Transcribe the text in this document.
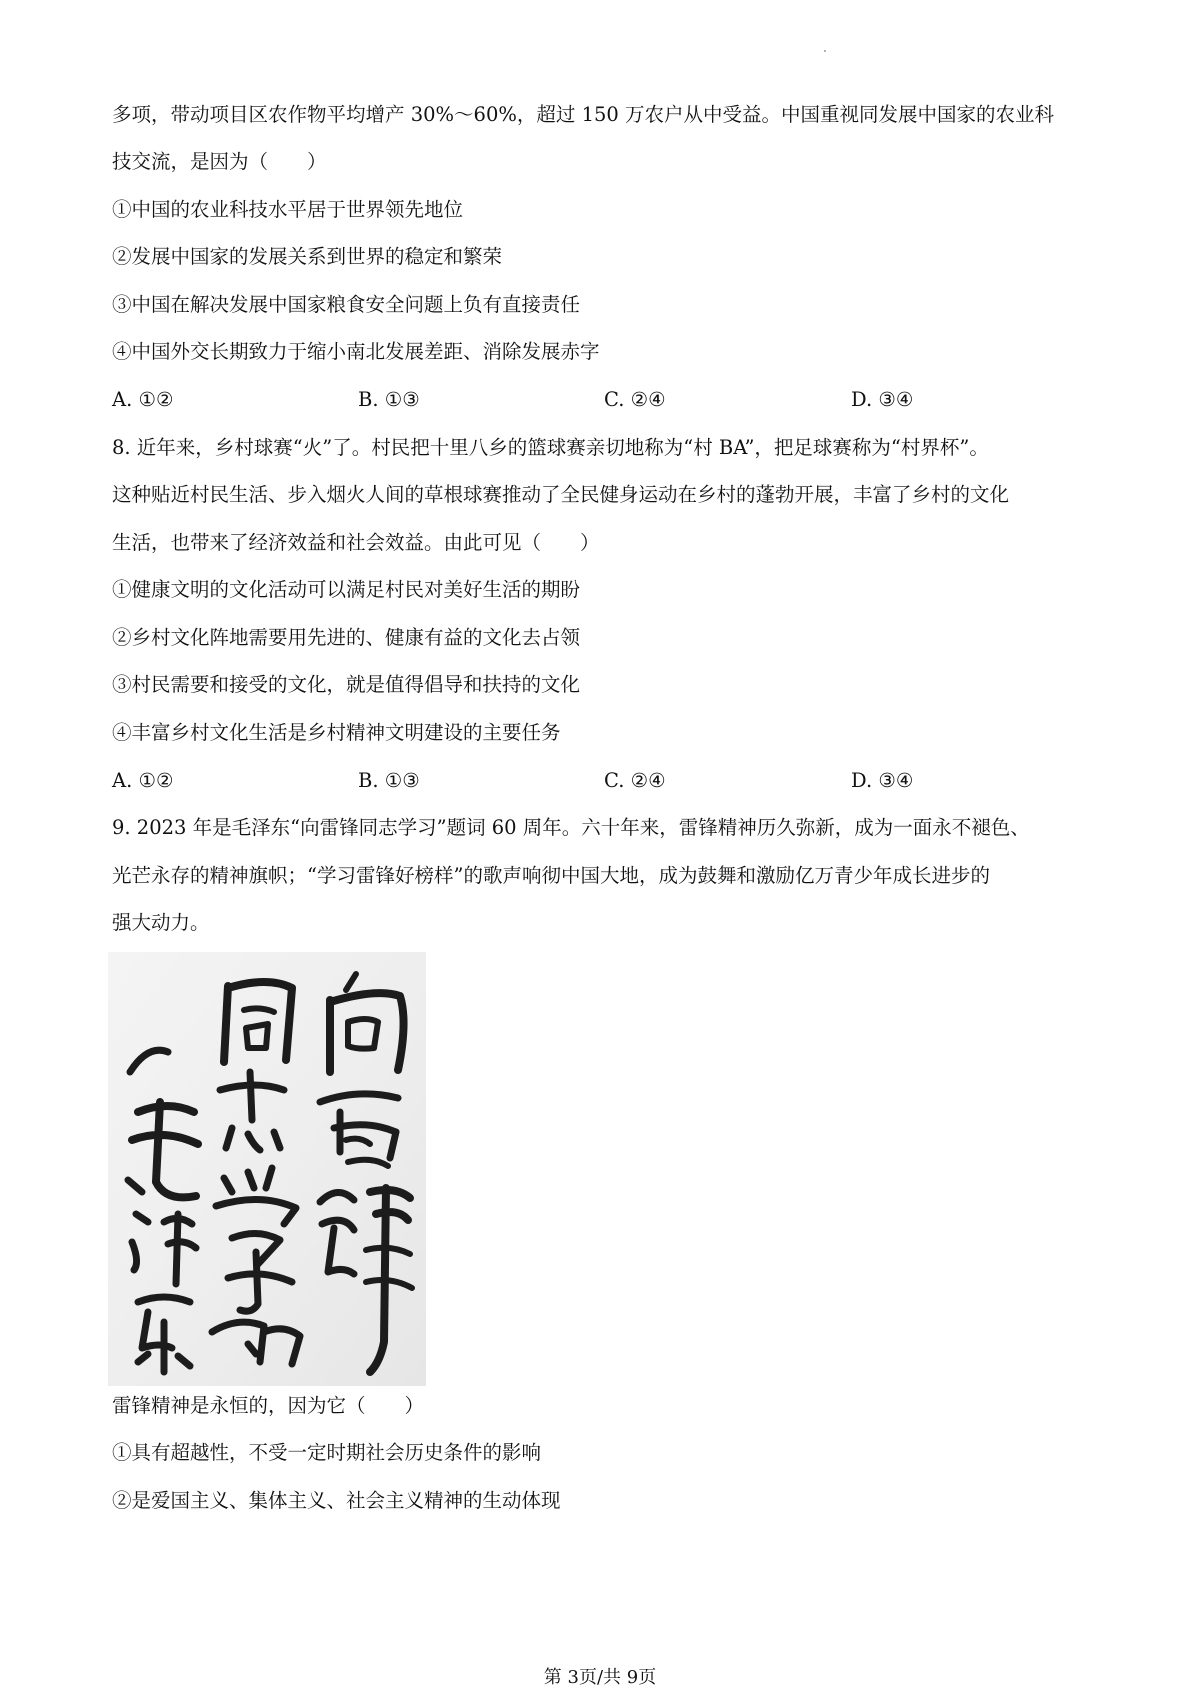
多项，带动项目区农作物平均增产 30%～60%，超过 150 万农户从中受益。中国重视同发展中国家的农业科
技交流，是因为（　　）
①中国的农业科技水平居于世界领先地位
②发展中国家的发展关系到世界的稳定和繁荣
③中国在解决发展中国家粮食安全问题上负有直接责任
④中国外交长期致力于缩小南北发展差距、消除发展赤字
A. ①②	B. ①③	C. ②④	D. ③④
8. 近年来，乡村球赛“火”了。村民把十里八乡的篮球赛亲切地称为“村 BA”，把足球赛称为“村界杯”。
这种贴近村民生活、步入烟火人间的草根球赛推动了全民健身运动在乡村的蓬勃开展，丰富了乡村的文化
生活，也带来了经济效益和社会效益。由此可见（　　）
①健康文明的文化活动可以满足村民对美好生活的期盼
②乡村文化阵地需要用先进的、健康有益的文化去占领
③村民需要和接受的文化，就是值得倡导和扶持的文化
④丰富乡村文化生活是乡村精神文明建设的主要任务
A. ①②	B. ①③	C. ②④	D. ③④
9. 2023 年是毛泽东“向雷锋同志学习”题词 60 周年。六十年来，雷锋精神历久弥新，成为一面永不褪色、
光芒永存的精神旗帜；“学习雷锋好榜样”的歌声响彻中国大地，成为鼓舞和激励亿万青少年成长进步的
强大动力。
雷锋精神是永恒的，因为它（　　）
①具有超越性，不受一定时期社会历史条件的影响
②是爱国主义、集体主义、社会主义精神的生动体现
第 3页/共 9页
